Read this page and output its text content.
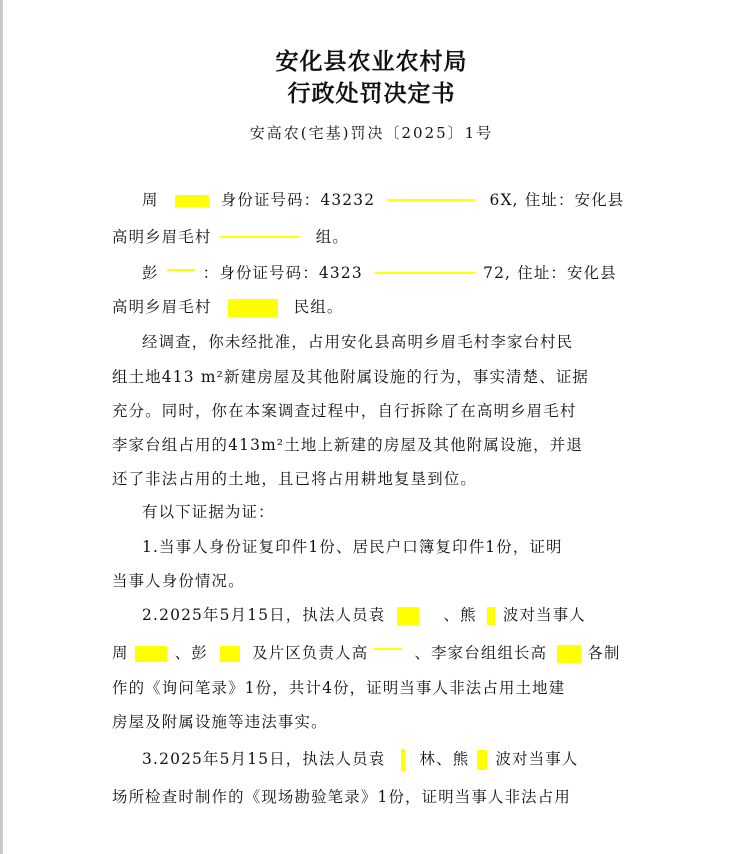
安化县农业农村局
行政处罚决定书
安高农(宅基)罚决〔2025〕1号
周	身份证号码：43232	6X, 住址：安化县
高明乡眉毛村	组。
彭	：身份证号码：4323	72, 住址：安化县
高明乡眉毛村	民组。
经调查，你未经批准，占用安化县高明乡眉毛村李家台村民
组土地413 m²新建房屋及其他附属设施的行为，事实清楚、证据
充分。同时，你在本案调查过程中，自行拆除了在高明乡眉毛村
李家台组占用的413m²土地上新建的房屋及其他附属设施，并退
还了非法占用的土地，且已将占用耕地复垦到位。
有以下证据为证：
1.当事人身份证复印件1份、居民户口簿复印件1份，证明
当事人身份情况。
2.2025年5月15日，执法人员袁	、熊 波对当事人
周	、彭	及片区负责人高	、李家台组组长高	各制
作的《询问笔录》1份，共计4份，证明当事人非法占用土地建
房屋及附属设施等违法事实。
3.2025年5月15日，执法人员袁 林、熊 波对当事人
场所检查时制作的《现场勘验笔录》1份，证明当事人非法占用
